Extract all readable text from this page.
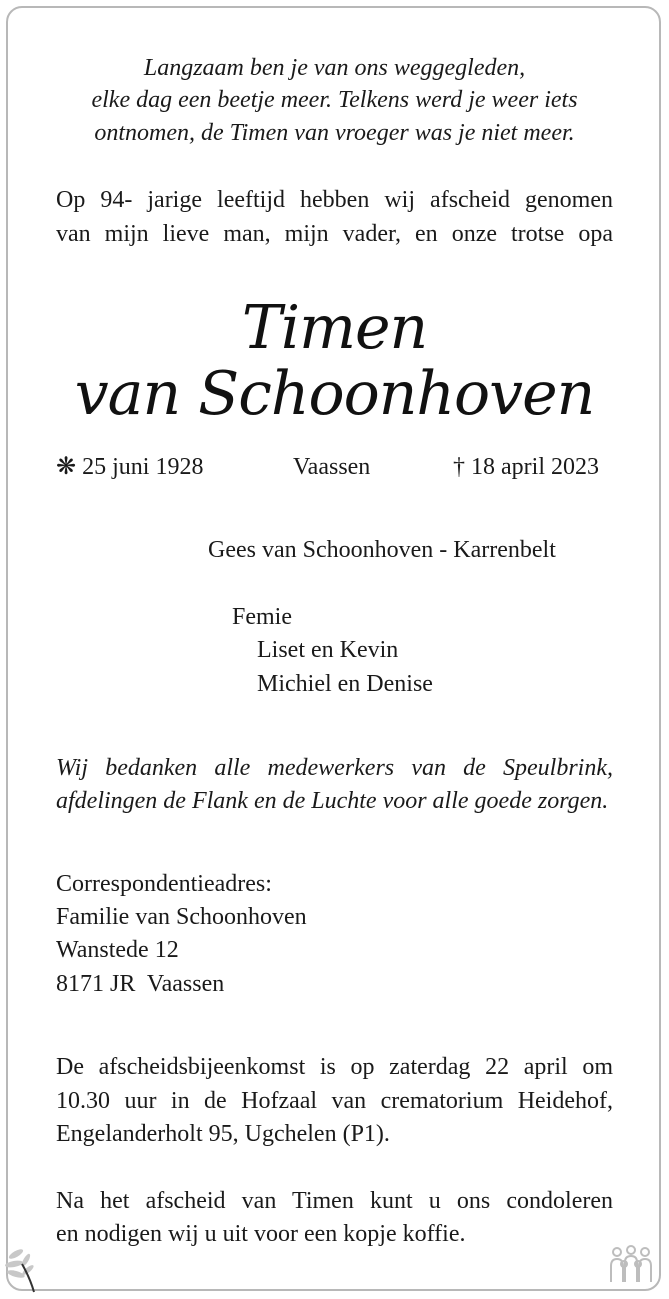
Langzaam ben je van ons weggegleden,
elke dag een beetje meer. Telkens werd je weer iets
ontnomen, de Timen van vroeger was je niet meer.
Op 94- jarige leeftijd hebben wij afscheid genomen
van mijn lieve man, mijn vader, en onze trotse opa
Timen
van Schoonhoven
❋ 25 juni 1928	Vaassen	† 18 april 2023
Gees van Schoonhoven - Karrenbelt
Femie
Liset en Kevin
Michiel en Denise
Wij bedanken alle medewerkers van de Speulbrink,
afdelingen de Flank en de Luchte voor alle goede zorgen.
Correspondentieadres:
Familie van Schoonhoven
Wanstede 12
8171 JR  Vaassen
De afscheidsbijeenkomst is op zaterdag 22 april om
10.30 uur in de Hofzaal van crematorium Heidehof,
Engelanderholt 95, Ugchelen (P1).
Na het afscheid van Timen kunt u ons condoleren
en nodigen wij u uit voor een kopje koffie.
